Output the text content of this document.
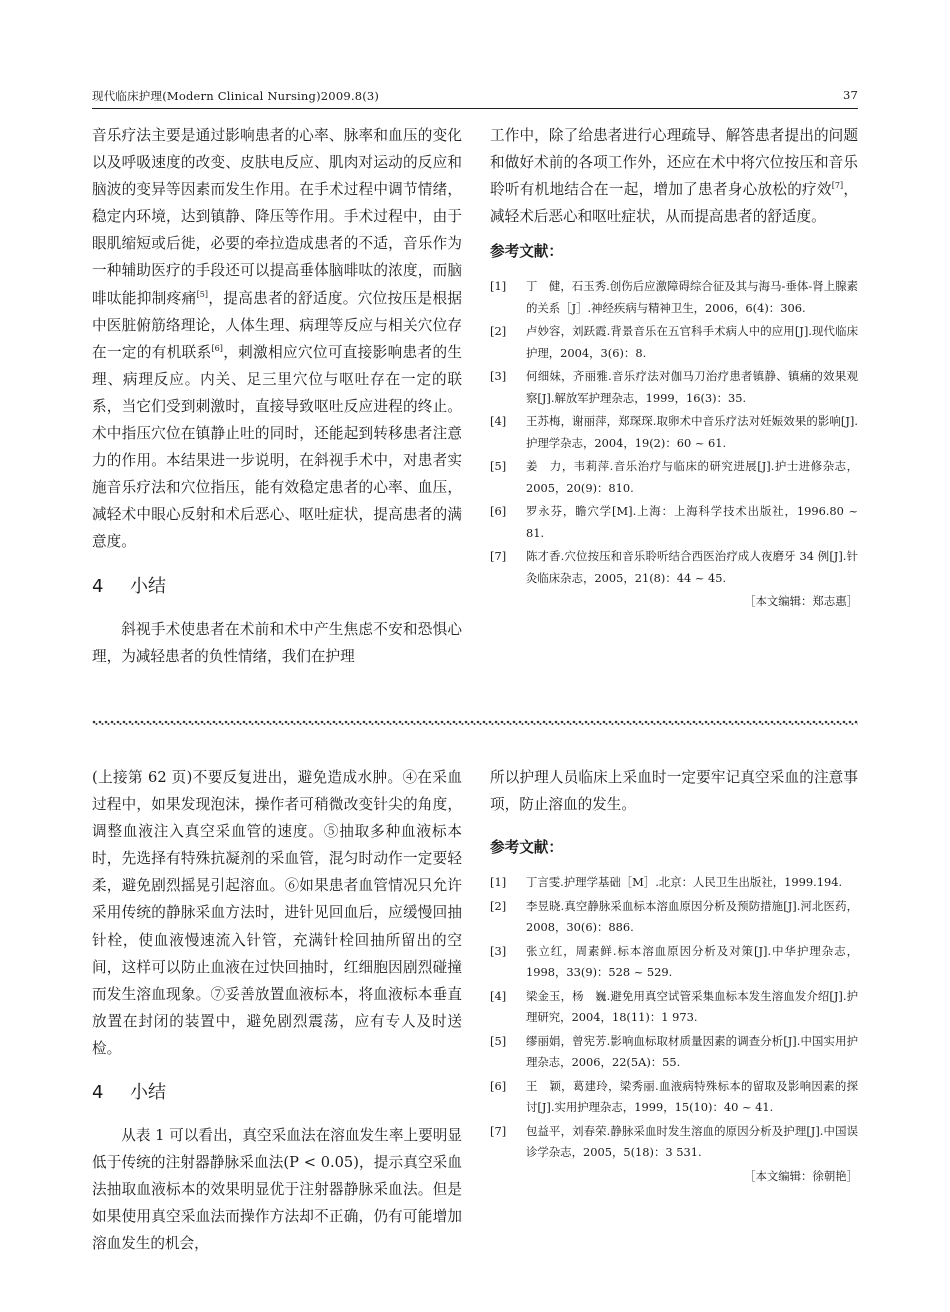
现代临床护理(Modern Clinical Nursing)2009.8(3)	37

音乐疗法主要是通过影响患者的心率、脉率和血压的变化以及呼吸速度的改变、皮肤电反应、肌肉对运动的反应和脑波的变异等因素而发生作用。在手术过程中调节情绪，稳定内环境，达到镇静、降压等作用。手术过程中，由于眼肌缩短或后徙，必要的牵拉造成患者的不适，音乐作为一种辅助医疗的手段还可以提高垂体脑啡呔的浓度，而脑啡呔能抑制疼痛[5]，提高患者的舒适度。穴位按压是根据中医脏俯筋络理论，人体生理、病理等反应与相关穴位存在一定的有机联系[6]，刺激相应穴位可直接影响患者的生理、病理反应。内关、足三里穴位与呕吐存在一定的联系，当它们受到刺激时，直接导致呕吐反应进程的终止。术中指压穴位在镇静止吐的同时，还能起到转移患者注意力的作用。本结果进一步说明，在斜视手术中，对患者实施音乐疗法和穴位指压，能有效稳定患者的心率、血压，减轻术中眼心反射和术后恶心、呕吐症状，提高患者的满意度。

4 小结

斜视手术使患者在术前和术中产生焦虑不安和恐惧心理，为减轻患者的负性情绪，我们在护理

工作中，除了给患者进行心理疏导、解答患者提出的问题和做好术前的各项工作外，还应在术中将穴位按压和音乐聆听有机地结合在一起，增加了患者身心放松的疗效[7]，减轻术后恶心和呕吐症状，从而提高患者的舒适度。

参考文献：
[1]	丁　健，石玉秀.创伤后应激障碍综合征及其与海马-垂体-肾上腺素的关系［J］.神经疾病与精神卫生，2006，6(4)：306.
[2]	卢妙容，刘跃霞.背景音乐在五官科手术病人中的应用[J].现代临床护理，2004，3(6)：8.
[3]	何细妹，齐丽雅.音乐疗法对伽马刀治疗患者镇静、镇痛的效果观察[J].解放军护理杂志，1999，16(3)：35.
[4]	王苏梅，谢丽萍，郑琛琛.取卵术中音乐疗法对妊娠效果的影响[J].护理学杂志，2004，19(2)：60 ~ 61.
[5]	姜　力，韦莉萍.音乐治疗与临床的研究进展[J].护士进修杂志，2005，20(9)：810.
[6]	罗永芬，瞻穴学[M].上海：上海科学技术出版社，1996.80 ~ 81.
[7]	陈才香.穴位按压和音乐聆听结合西医治疗成人夜磨牙 34 例[J].针灸临床杂志，2005，21(8)：44 ~ 45.
［本文编辑：郑志惠］

(上接第 62 页)不要反复进出，避免造成水肿。④在采血过程中，如果发现泡沫，操作者可稍微改变针尖的角度，调整血液注入真空采血管的速度。⑤抽取多种血液标本时，先选择有特殊抗凝剂的采血管，混匀时动作一定要轻柔，避免剧烈摇晃引起溶血。⑥如果患者血管情况只允许采用传统的静脉采血方法时，进针见回血后，应缓慢回抽针栓，使血液慢速流入针管，充满针栓回抽所留出的空间，这样可以防止血液在过快回抽时，红细胞因剧烈碰撞而发生溶血现象。⑦妥善放置血液标本，将血液标本垂直放置在封闭的装置中，避免剧烈震荡，应有专人及时送检。

4 小结

从表 1 可以看出，真空采血法在溶血发生率上要明显低于传统的注射器静脉采血法(P < 0.05)，提示真空采血法抽取血液标本的效果明显优于注射器静脉采血法。但是如果使用真空采血法而操作方法却不正确，仍有可能增加溶血发生的机会，

所以护理人员临床上采血时一定要牢记真空采血的注意事项，防止溶血的发生。

参考文献：
[1]	丁言雯.护理学基础［M］.北京：人民卫生出版社，1999.194.
[2]	李昱晓.真空静脉采血标本溶血原因分析及预防措施[J].河北医药，2008，30(6)：886.
[3]	张立红，周素鲜.标本溶血原因分析及对策[J].中华护理杂志，1998，33(9)：528 ~ 529.
[4]	梁金玉，杨　巍.避免用真空试管采集血标本发生溶血发介绍[J].护理研究，2004，18(11)：1 973.
[5]	缪丽娟，曾宪芳.影响血标取材质量因素的调查分析[J].中国实用护理杂志，2006，22(5A)：55.
[6]	王　颖，葛建玲，梁秀丽.血液病特殊标本的留取及影响因素的探讨[J].实用护理杂志，1999，15(10)：40 ~ 41.
[7]	包益平，刘春荣.静脉采血时发生溶血的原因分析及护理[J].中国误诊学杂志，2005，5(18)：3 531.
［本文编辑：徐朝艳］
